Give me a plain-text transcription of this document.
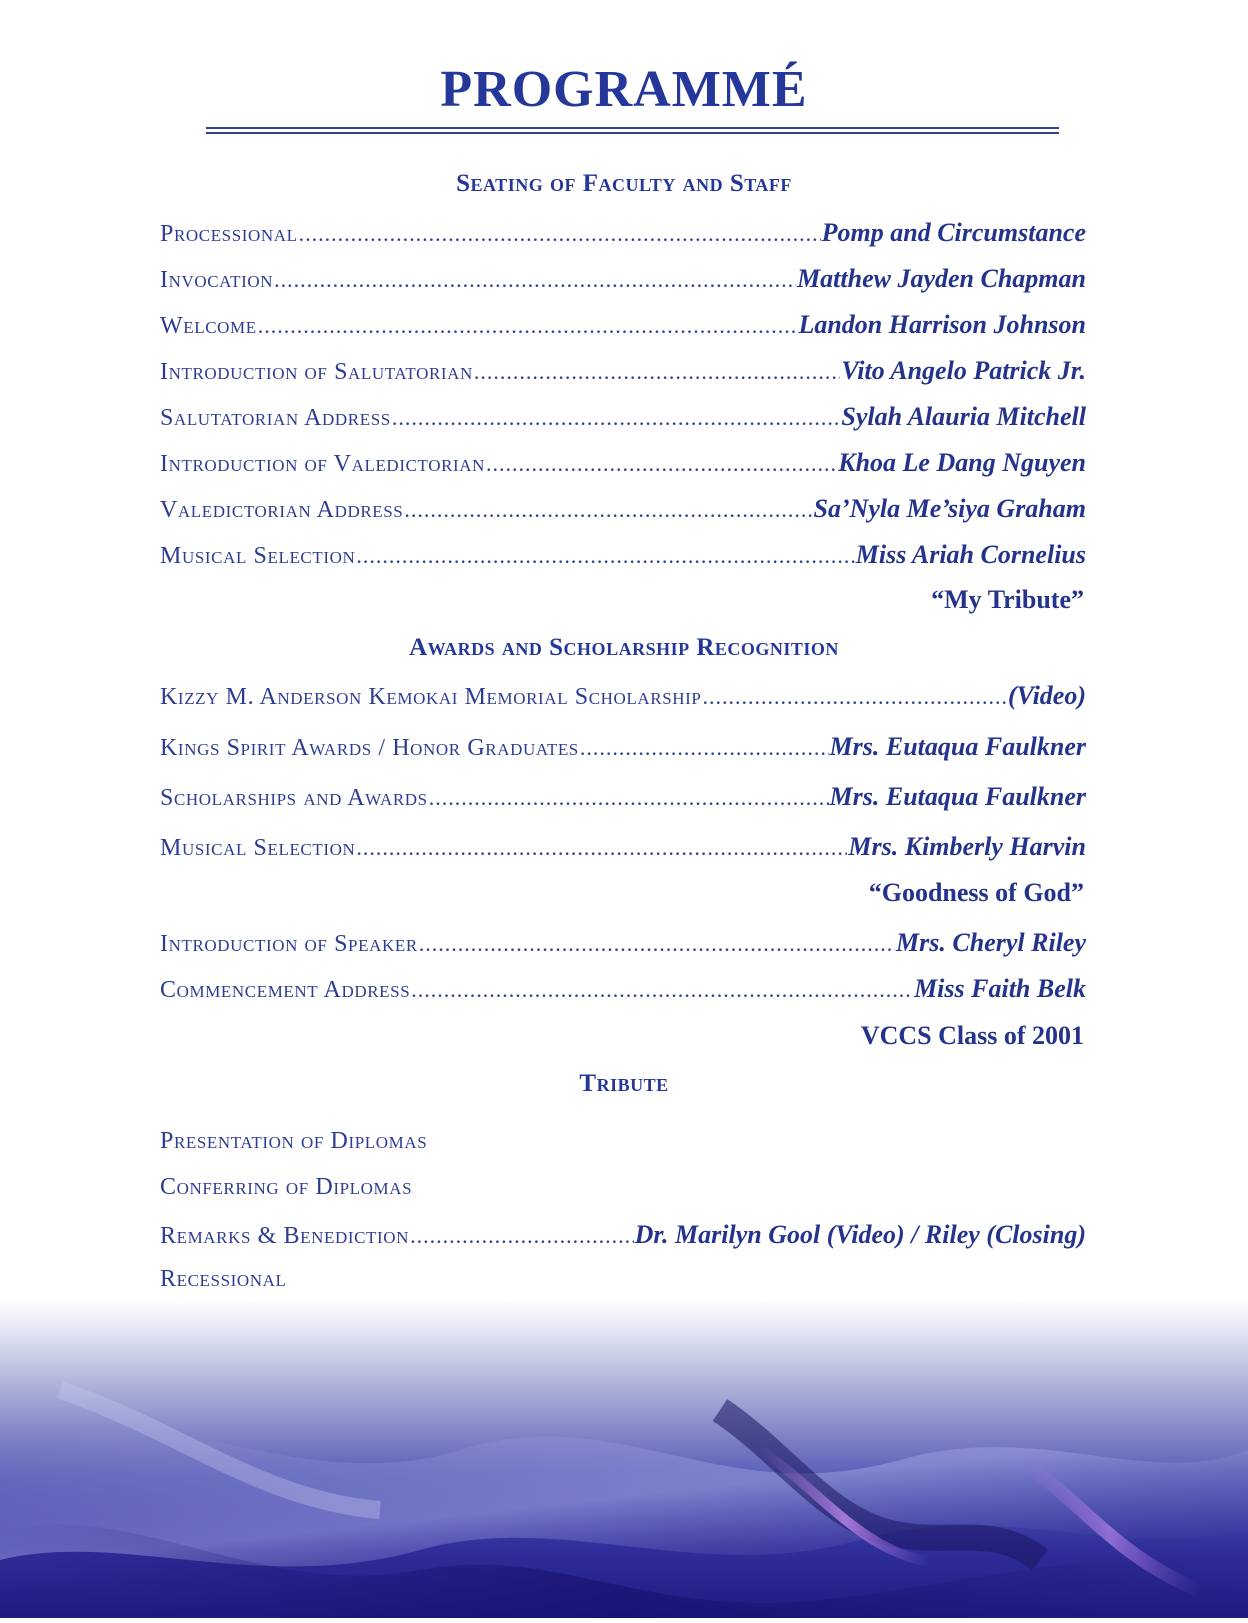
PROGRAMMÉ
Seating of Faculty and Staff
Processional .....	Pomp and Circumstance
Invocation .....	Matthew Jayden Chapman
Welcome .....	Landon Harrison Johnson
Introduction of Salutatorian .....	Vito Angelo Patrick Jr.
Salutatorian Address .....	Sylah Alauria Mitchell
Introduction of Valedictorian .....	Khoa Le Dang Nguyen
Valedictorian Address .....	Sa’Nyla Me’siya Graham
Musical Selection .....	Miss Ariah Cornelius
“My Tribute”
Awards and Scholarship Recognition
Kizzy M. Anderson Kemokai Memorial Scholarship .....	(Video)
Kings Spirit Awards / Honor Graduates .....	Mrs. Eutaqua Faulkner
Scholarships and Awards .....	Mrs. Eutaqua Faulkner
Musical Selection .....	Mrs. Kimberly Harvin
“Goodness of God”
Introduction of Speaker .....	Mrs. Cheryl Riley
Commencement Address .....	Miss Faith Belk
VCCS Class of 2001
Tribute
Presentation of Diplomas
Conferring of Diplomas
Remarks & Benediction .....	Dr. Marilyn Gool (Video) / Riley (Closing)
Recessional
